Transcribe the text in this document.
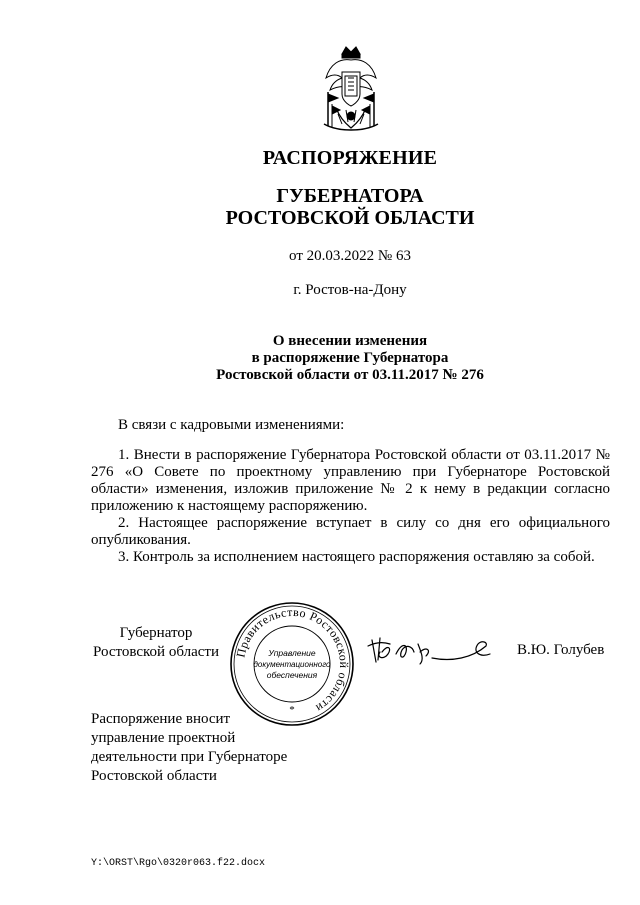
РАСПОРЯЖЕНИЕ
ГУБЕРНАТОРА
РОСТОВСКОЙ ОБЛАСТИ
от 20.03.2022 № 63
г. Ростов-на-Дону
О внесении изменения
в распоряжение Губернатора
Ростовской области от 03.11.2017 № 276
В связи с кадровыми изменениями:

1. Внести в распоряжение Губернатора Ростовской области от 03.11.2017 № 276 «О Совете по проектному управлению при Губернаторе Ростовской области» изменения, изложив приложение № 2 к нему в редакции согласно приложению к настоящему распоряжению.

2. Настоящее распоряжение вступает в силу со дня его официального опубликования.

3. Контроль за исполнением настоящего распоряжения оставляю за собой.

Губернатор
Ростовской области Правительство Ростовской области
Управление
документационного
обеспечения
*
В.Ю. Голубев
Распоряжение вносит
управление проектной
деятельности при Губернаторе
Ростовской области
Y:\ORST\Rgo\0320r063.f22.docx
